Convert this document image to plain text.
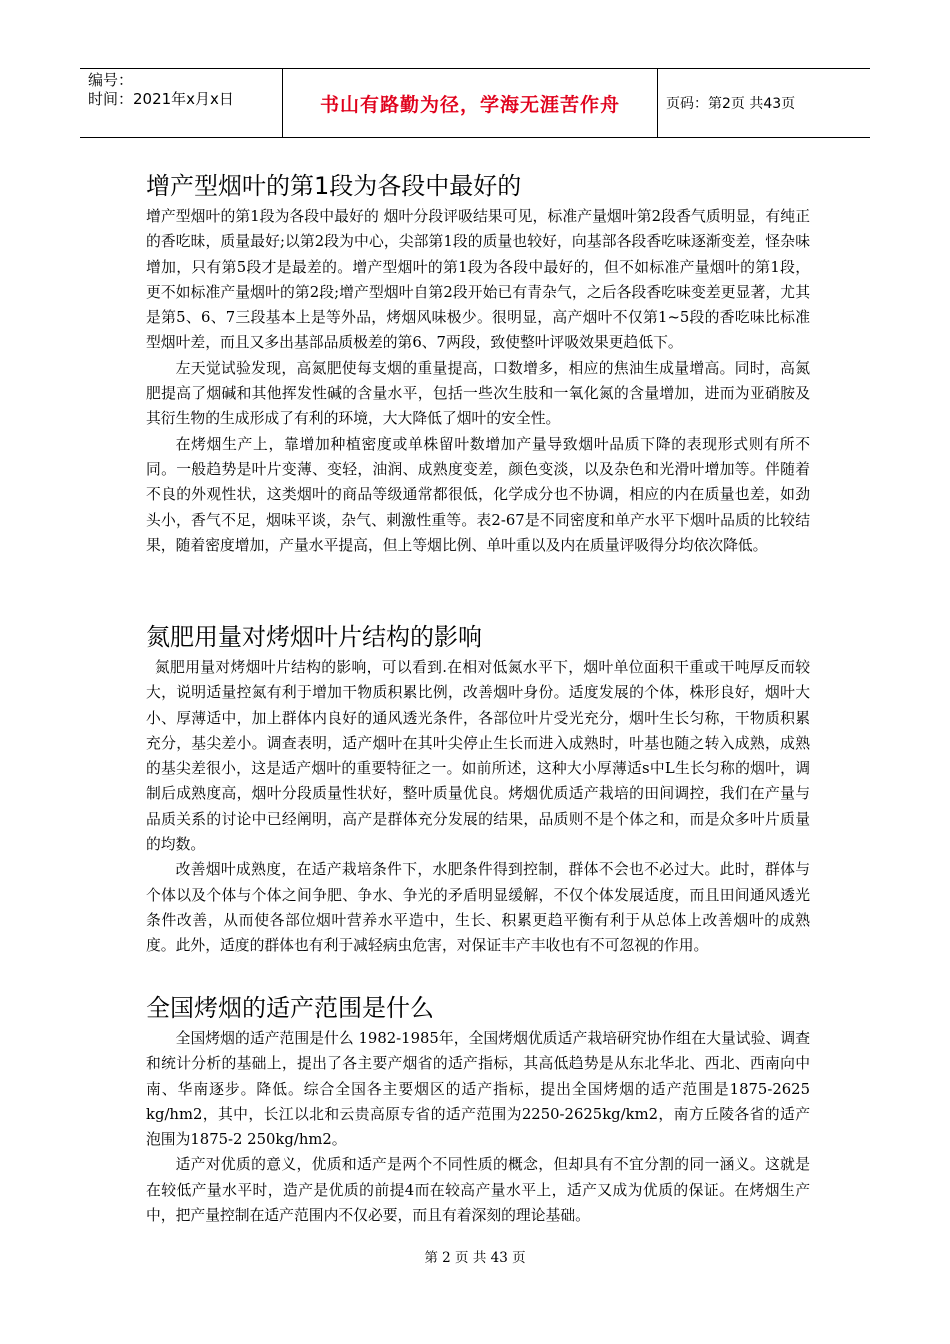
编号：
时间：2021年x月x日	书山有路勤为径，学海无涯苦作舟	页码：第2页 共43页
增产型烟叶的第1段为各段中最好的

增产型烟叶的第1段为各段中最好的 烟叶分段评吸结果可见，标准产量烟叶第2段香气质明显，有纯正的香吃昧，质量最好;以第2段为中心，尖部第1段的质量也较好，向基部各段香吃味逐渐变差，怪杂味增加，只有第5段才是最差的。增产型烟叶的第1段为各段中最好的，但不如标准产量烟叶的第1段，更不如标准产量烟叶的第2段;增产型烟叶自第2段开始已有青杂气，之后各段香吃味变差更显著，尤其是第5、6、7三段基本上是等外品，烤烟风味极少。很明显，高产烟叶不仅第1~5段的香吃味比标准型烟叶差，而且又多出基部品质极差的第6、7两段，致使整叶评吸效果更趋低下。

左天觉试验发现，高氮肥使每支烟的重量提高，口数增多，相应的焦油生成量增高。同时，高氮肥提高了烟碱和其他挥发性碱的含量水平，包括一些次生肢和一氧化氮的含量增加，进而为亚硝胺及其衍生物的生成形成了有利的环境，大大降低了烟叶的安全性。

在烤烟生产上，靠增加种植密度或单株留叶数增加产量导致烟叶品质下降的表现形式则有所不同。一般趋势是叶片变薄、变轻，油润、成熟度变差，颜色变淡，以及杂色和光滑叶增加等。伴随着不良的外观性状，这类烟叶的商品等级通常都很低，化学成分也不协调，相应的内在质量也差，如劲头小，香气不足，烟味平谈，杂气、刺激性重等。表2-67是不同密度和单产水平下烟叶品质的比较结果，随着密度增加，产量水平提高，但上等烟比例、单叶重以及内在质量评吸得分均依次降低。

氮肥用量对烤烟叶片结构的影响

氮肥用量对烤烟叶片结构的影响，可以看到.在相对低氮水平下，烟叶单位面积干重或干吨厚反而较大，说明适量控氮有利于增加干物质积累比例，改善烟叶身份。适度发展的个体，株形良好，烟叶大小、厚薄适中，加上群体内良好的通风透光条件，各部位叶片受光充分，烟叶生长匀称，干物质积累充分，基尖差小。调查表明，适产烟叶在其叶尖停止生长而进入成熟时，叶基也随之转入成熟，成熟的基尖差很小，这是适产烟叶的重要特征之一。如前所述，这种大小厚薄适s中L生长匀称的烟叶，调制后成熟度高，烟叶分段质量性状好，整叶质量优良。烤烟优质适产栽培的田间调控，我们在产量与品质关系的讨论中已经阐明，高产是群体充分发展的结果，品质则不是个体之和，而是众多叶片质量的均数。

改善烟叶成熟度，在适产栽培条件下，水肥条件得到控制，群体不会也不必过大。此时，群体与个体以及个体与个体之间争肥、争水、争光的矛盾明显缓解，不仅个体发展适度，而且田间通风透光条件改善，从而使各部位烟叶营养水平造中，生长、积累更趋平衡有利于从总体上改善烟叶的成熟度。此外，适度的群体也有利于减轻病虫危害，对保证丰产丰收也有不可忽视的作用。

全国烤烟的适产范围是什么

全国烤烟的适产范围是什么 1982-1985年，全国烤烟优质适产栽培研究协作组在大量试验、调查和统计分析的基础上，提出了各主要产烟省的适产指标，其高低趋势是从东北华北、西北、西南向中南、华南逐步。降低。综合全国各主要烟区的适产指标，提出全国烤烟的适产范围是1875-2625 kg/hm2，其中，长江以北和云贵高原专省的适产范围为2250-2625kg/km2，南方丘陵各省的适产泡围为1875-2 250kg/hm2。

适产对优质的意义，优质和适产是两个不同性质的概念，但却具有不宜分割的同一涵义。这就是在较低产量水平时，造产是优质的前提4而在较高产量水平上，适产又成为优质的保证。在烤烟生产中，把产量控制在适产范围内不仅必要，而且有着深刻的理论基础。

第 2 页 共 43 页
